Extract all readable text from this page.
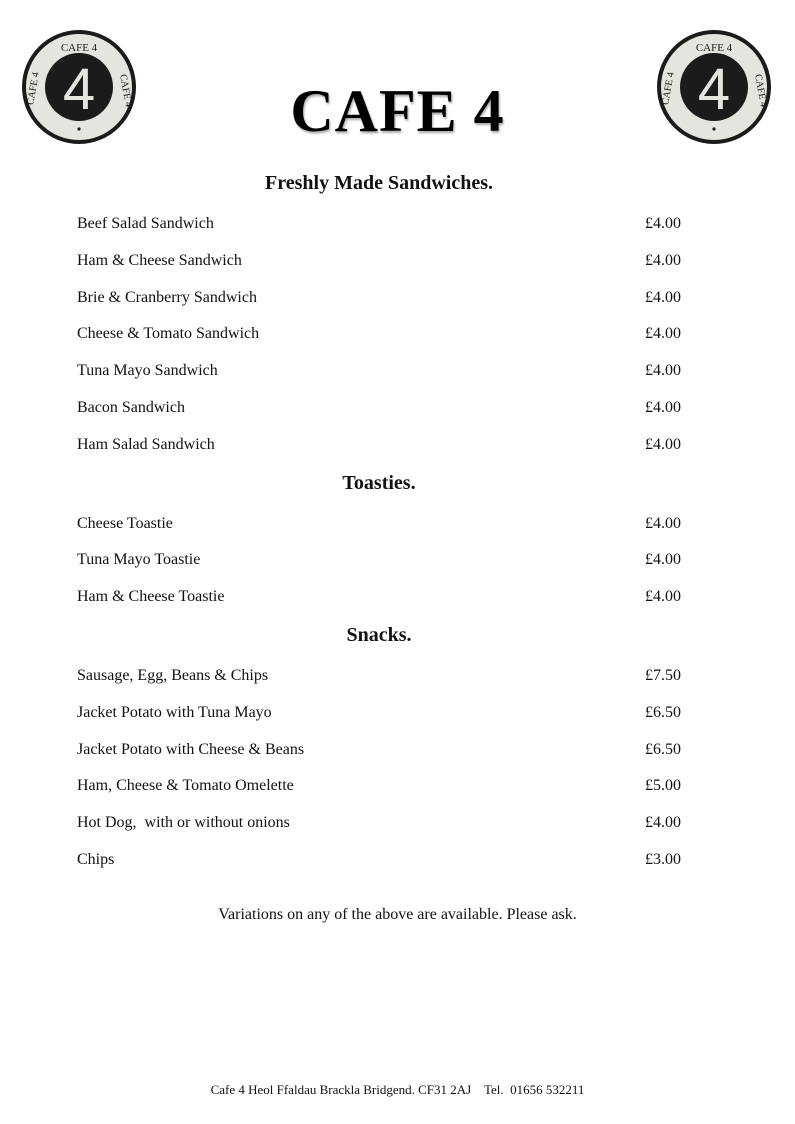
CAFE 4
CAFE 4	CAFE 4
4
CAFE 4
CAFE 4	CAFE 4
4
CAFE 4
Freshly Made Sandwiches.
Beef Salad Sandwich	£4.00
Ham & Cheese Sandwich	£4.00
Brie & Cranberry Sandwich	£4.00
Cheese & Tomato Sandwich	£4.00
Tuna Mayo Sandwich	£4.00
Bacon Sandwich	£4.00
Ham Salad Sandwich	£4.00
Toasties.
Cheese Toastie	£4.00
Tuna Mayo Toastie	£4.00
Ham & Cheese Toastie	£4.00
Snacks.
Sausage, Egg, Beans & Chips	£7.50
Jacket Potato with Tuna Mayo	£6.50
Jacket Potato with Cheese & Beans	£6.50
Ham, Cheese & Tomato Omelette	£5.00
Hot Dog,  with or without onions	£4.00
Chips	£3.00
Variations on any of the above are available. Please ask.
Cafe 4 Heol Ffaldau Brackla Bridgend. CF31 2AJ    Tel.  01656 532211
